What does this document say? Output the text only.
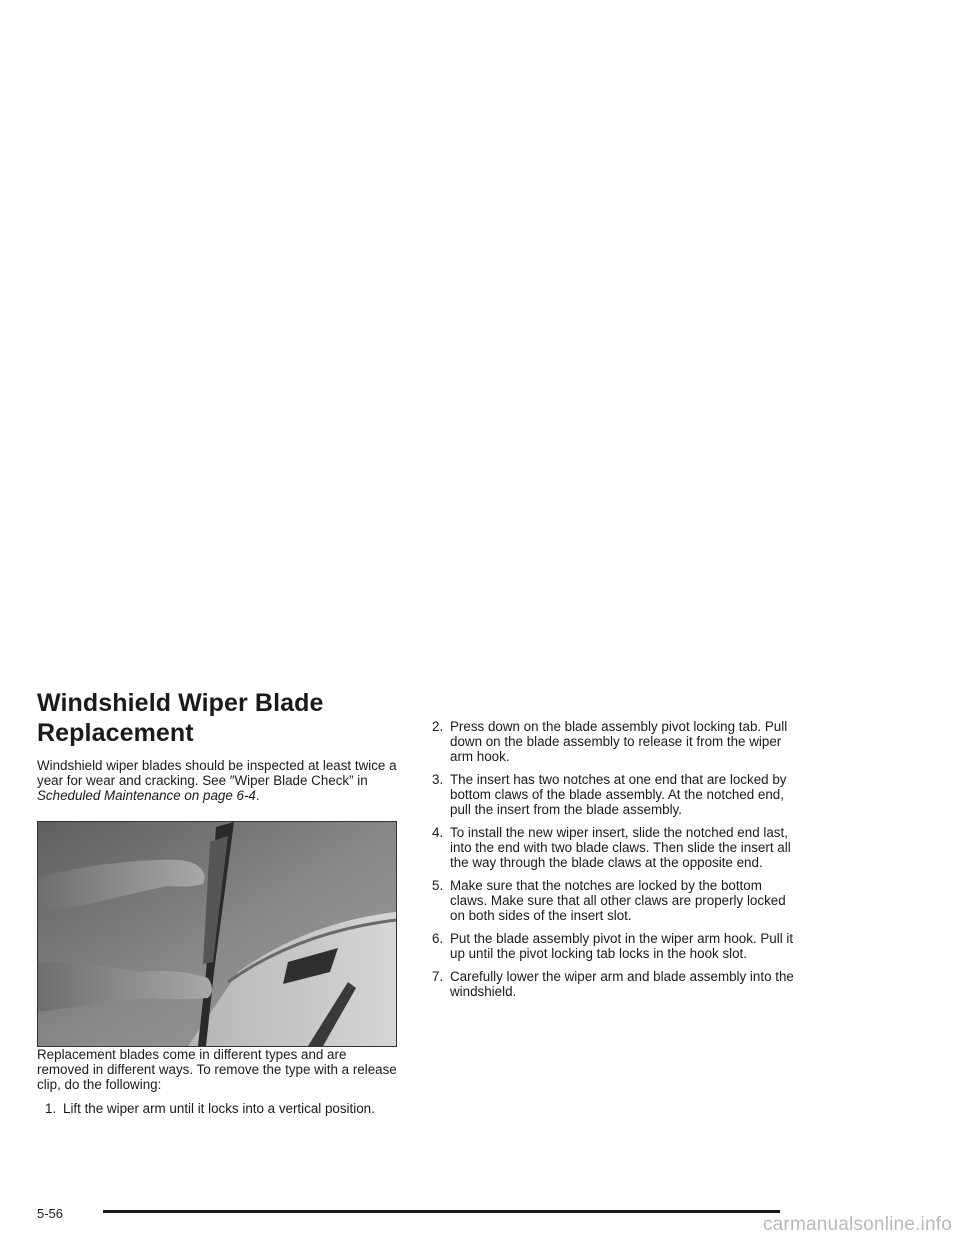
Windshield Wiper Blade
Replacement

Windshield wiper blades should be inspected at least twice a year for wear and cracking. See ″Wiper Blade Check” in Scheduled Maintenance on page 6-4.

Replacement blades come in different types and are removed in different ways. To remove the type with a release clip, do the following:

1. Lift the wiper arm until it locks into a vertical position.
2. Press down on the blade assembly pivot locking tab. Pull down on the blade assembly to release it from the wiper arm hook.
3. The insert has two notches at one end that are locked by bottom claws of the blade assembly. At the notched end, pull the insert from the blade assembly.
4. To install the new wiper insert, slide the notched end last, into the end with two blade claws. Then slide the insert all the way through the blade claws at the opposite end.
5. Make sure that the notches are locked by the bottom claws. Make sure that all other claws are properly locked on both sides of the insert slot.
6. Put the blade assembly pivot in the wiper arm hook. Pull it up until the pivot locking tab locks in the hook slot.
7. Carefully lower the wiper arm and blade assembly into the windshield.
5-56
carmanualsonline.info
